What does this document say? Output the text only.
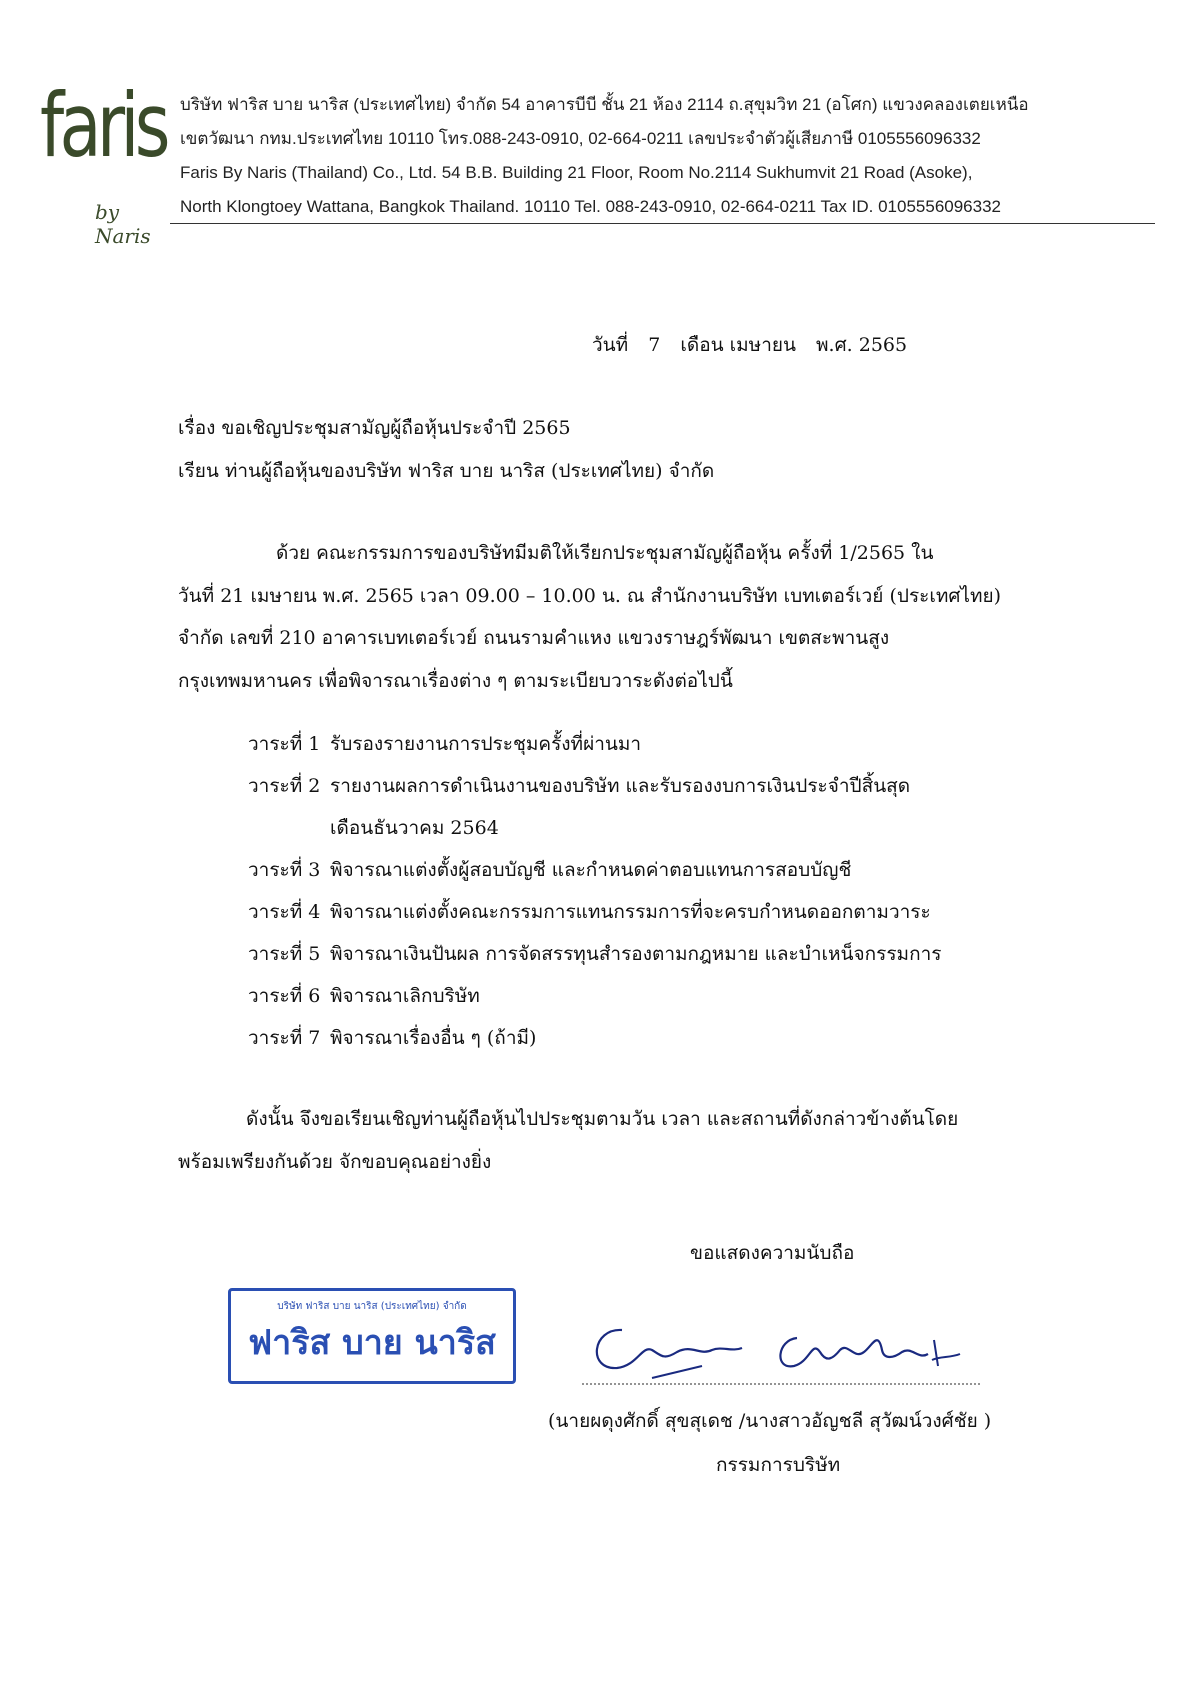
faris
by Naris
บริษัท ฟาริส บาย นาริส (ประเทศไทย) จำกัด 54 อาคารบีบี ชั้น 21 ห้อง 2114 ถ.สุขุมวิท 21 (อโศก) แขวงคลองเตยเหนือ
เขตวัฒนา กทม.ประเทศไทย 10110 โทร.088-243-0910, 02-664-0211 เลขประจำตัวผู้เสียภาษี 0105556096332
Faris By Naris (Thailand) Co., Ltd. 54 B.B. Building 21 Floor, Room No.2114 Sukhumvit 21 Road (Asoke),
North Klongtoey Wattana, Bangkok Thailand. 10110 Tel. 088-243-0910, 02-664-0211 Tax ID. 0105556096332
วันที่ 7 เดือน เมษายน พ.ศ. 2565
เรื่อง ขอเชิญประชุมสามัญผู้ถือหุ้นประจำปี 2565
เรียน ท่านผู้ถือหุ้นของบริษัท ฟาริส บาย นาริส (ประเทศไทย) จำกัด
ด้วย คณะกรรมการของบริษัทมีมติให้เรียกประชุมสามัญผู้ถือหุ้น ครั้งที่ 1/2565 ใน
วันที่ 21 เมษายน พ.ศ. 2565 เวลา 09.00 – 10.00 น. ณ สำนักงานบริษัท เบทเตอร์เวย์ (ประเทศไทย)
จำกัด เลขที่ 210 อาคารเบทเตอร์เวย์ ถนนรามคำแหง แขวงราษฎร์พัฒนา เขตสะพานสูง
กรุงเทพมหานคร เพื่อพิจารณาเรื่องต่าง ๆ ตามระเบียบวาระดังต่อไปนี้
วาระที่ 1 รับรองรายงานการประชุมครั้งที่ผ่านมา
วาระที่ 2 รายงานผลการดำเนินงานของบริษัท และรับรองงบการเงินประจำปีสิ้นสุด
เดือนธันวาคม 2564
วาระที่ 3 พิจารณาแต่งตั้งผู้สอบบัญชี และกำหนดค่าตอบแทนการสอบบัญชี
วาระที่ 4 พิจารณาแต่งตั้งคณะกรรมการแทนกรรมการที่จะครบกำหนดออกตามวาระ
วาระที่ 5 พิจารณาเงินปันผล การจัดสรรทุนสำรองตามกฎหมาย และบำเหน็จกรรมการ
วาระที่ 6 พิจารณาเลิกบริษัท
วาระที่ 7 พิจารณาเรื่องอื่น ๆ (ถ้ามี)
ดังนั้น จึงขอเรียนเชิญท่านผู้ถือหุ้นไปประชุมตามวัน เวลา และสถานที่ดังกล่าวข้างต้นโดย
พร้อมเพรียงกันด้วย จักขอบคุณอย่างยิ่ง
ขอแสดงความนับถือ
บริษัท ฟาริส บาย นาริส (ประเทศไทย) จำกัด
ฟาริส บาย นาริส
(นายผดุงศักดิ์ สุขสุเดช /นางสาวอัญชลี สุวัฒน์วงศ์ชัย )
กรรมการบริษัท
